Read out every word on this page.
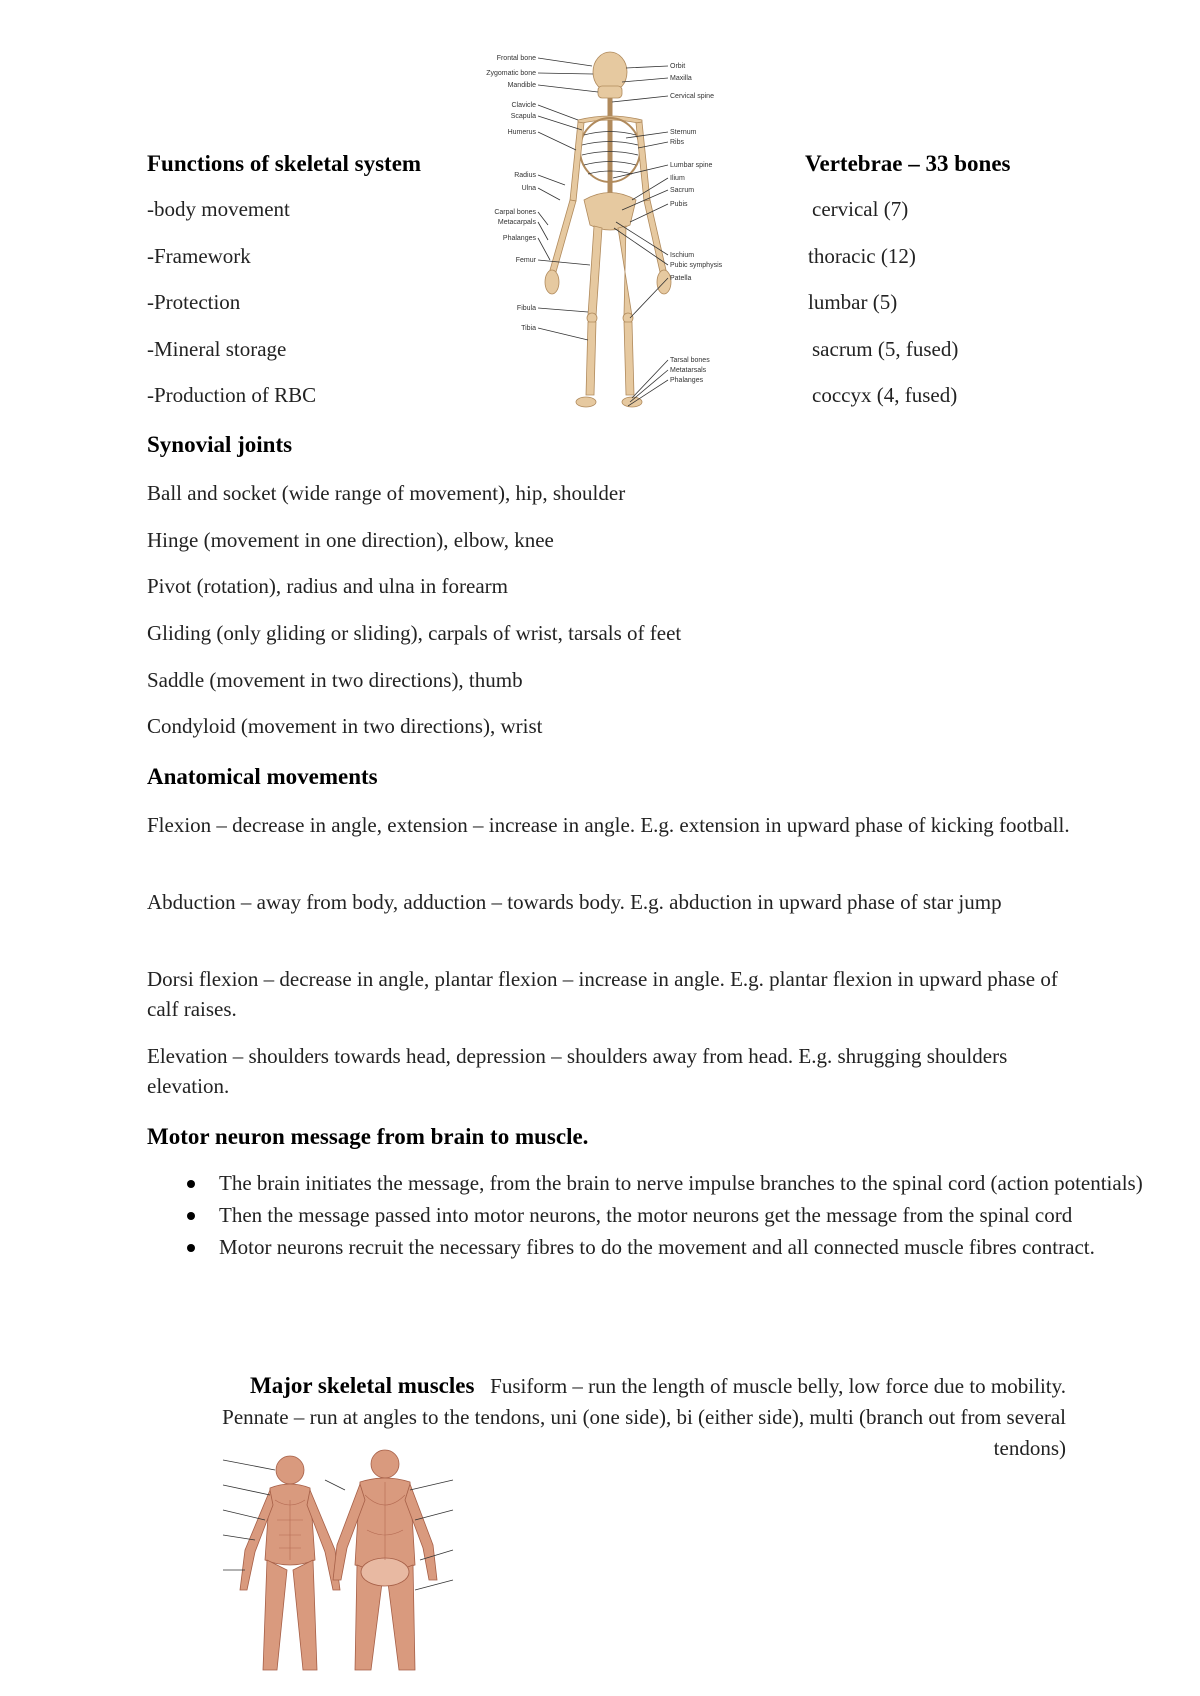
Frontal bone
Zygomatic bone
Mandible
Clavicle
Scapula
Humerus
Radius
Ulna
Carpal bones
Metacarpals
Phalanges
Femur
Fibula
Tibia
Orbit
Maxilla
Cervical spine
Sternum
Ribs
Lumbar spine
Ilium
Sacrum
Pubis
Ischium
Pubic symphysis
Patella
Tarsal bones
Metatarsals
Phalanges
Functions of skeletal system
-body movement
-Framework
-Protection
-Mineral storage
-Production of RBC
Vertebrae – 33 bones
cervical (7)
thoracic (12)
lumbar (5)
sacrum (5, fused)
coccyx (4, fused)
Synovial joints
Ball and socket (wide range of movement), hip, shoulder
Hinge (movement in one direction), elbow, knee
Pivot (rotation), radius and ulna in forearm
Gliding (only gliding or sliding), carpals of wrist, tarsals of feet
Saddle (movement in two directions), thumb
Condyloid (movement in two directions), wrist
Anatomical movements
Flexion – decrease in angle, extension – increase in angle. E.g. extension in upward phase of kicking football.
Abduction – away from body, adduction – towards body. E.g. abduction in upward phase of star jump
Dorsi flexion – decrease in angle, plantar flexion – increase in angle. E.g. plantar flexion in upward phase of calf raises.
Elevation – shoulders towards head, depression – shoulders away from head. E.g. shrugging shoulders elevation.
Motor neuron message from brain to muscle.
The brain initiates the message, from the brain to nerve impulse branches to the spinal cord (action potentials)
Then the message passed into motor neurons, the motor neurons get the message from the spinal cord
Motor neurons recruit the necessary fibres to do the movement and all connected muscle fibres contract.
Major skeletal muscles Fusiform – run the length of muscle belly, low force due to mobility. Pennate – run at angles to the tendons, uni (one side), bi (either side), multi (branch out from several tendons)
